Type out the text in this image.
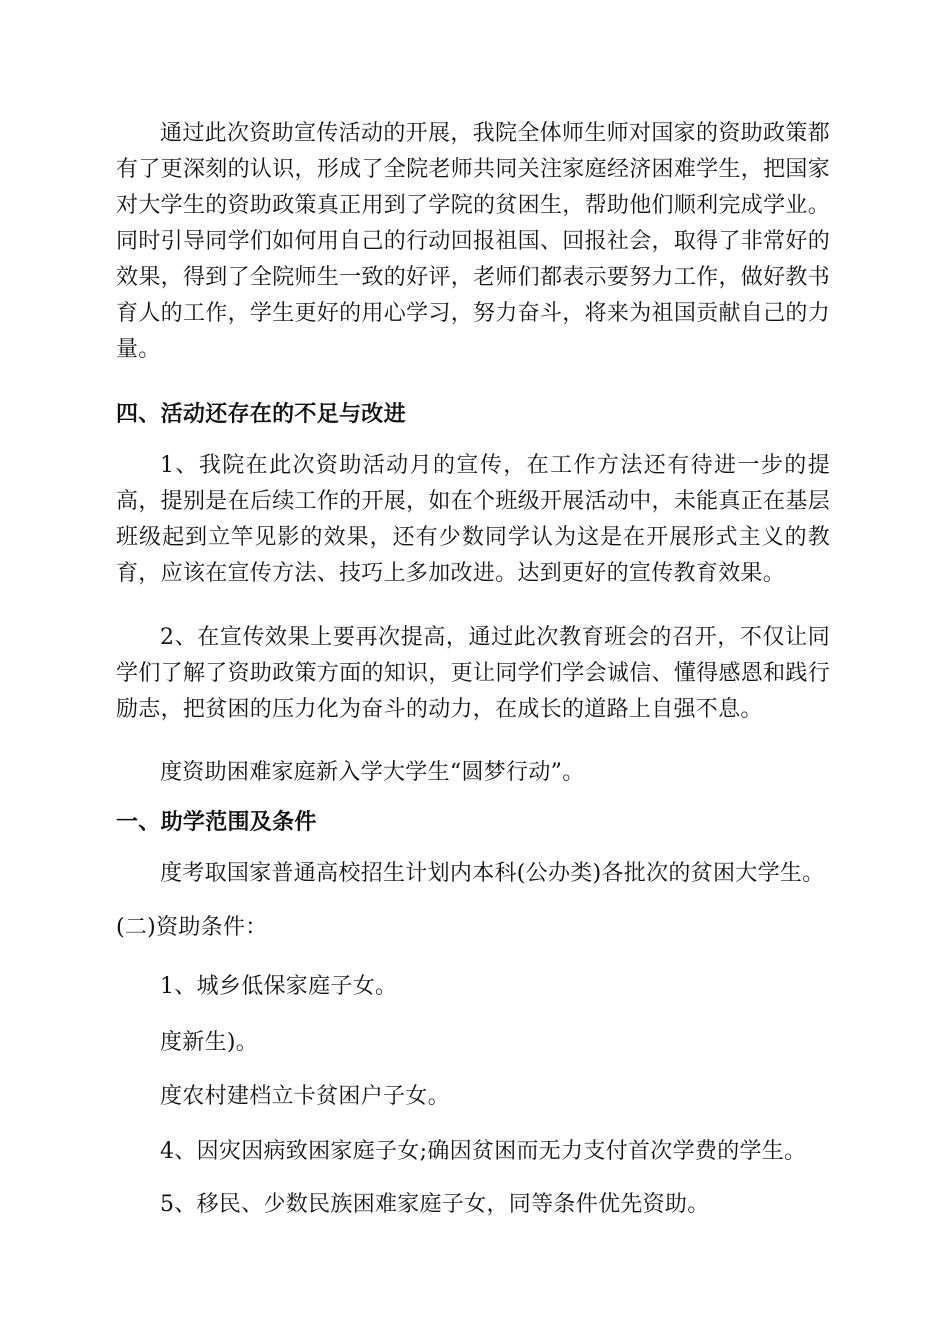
通过此次资助宣传活动的开展，我院全体师生师对国家的资助政策都有了更深刻的认识，形成了全院老师共同关注家庭经济困难学生，把国家对大学生的资助政策真正用到了学院的贫困生，帮助他们顺利完成学业。同时引导同学们如何用自己的行动回报祖国、回报社会，取得了非常好的效果，得到了全院师生一致的好评，老师们都表示要努力工作，做好教书育人的工作，学生更好的用心学习，努力奋斗，将来为祖国贡献自己的力量。

四、活动还存在的不足与改进

1、我院在此次资助活动月的宣传，在工作方法还有待进一步的提高，提别是在后续工作的开展，如在个班级开展活动中，未能真正在基层班级起到立竿见影的效果，还有少数同学认为这是在开展形式主义的教育，应该在宣传方法、技巧上多加改进。达到更好的宣传教育效果。

2、在宣传效果上要再次提高，通过此次教育班会的召开，不仅让同学们了解了资助政策方面的知识，更让同学们学会诚信、懂得感恩和践行励志，把贫困的压力化为奋斗的动力，在成长的道路上自强不息。

度资助困难家庭新入学大学生“圆梦行动”。

一、助学范围及条件

度考取国家普通高校招生计划内本科(公办类)各批次的贫困大学生。

(二)资助条件：

1、城乡低保家庭子女。

度新生)。

度农村建档立卡贫困户子女。

4、因灾因病致困家庭子女;确因贫困而无力支付首次学费的学生。

5、移民、少数民族困难家庭子女，同等条件优先资助。
